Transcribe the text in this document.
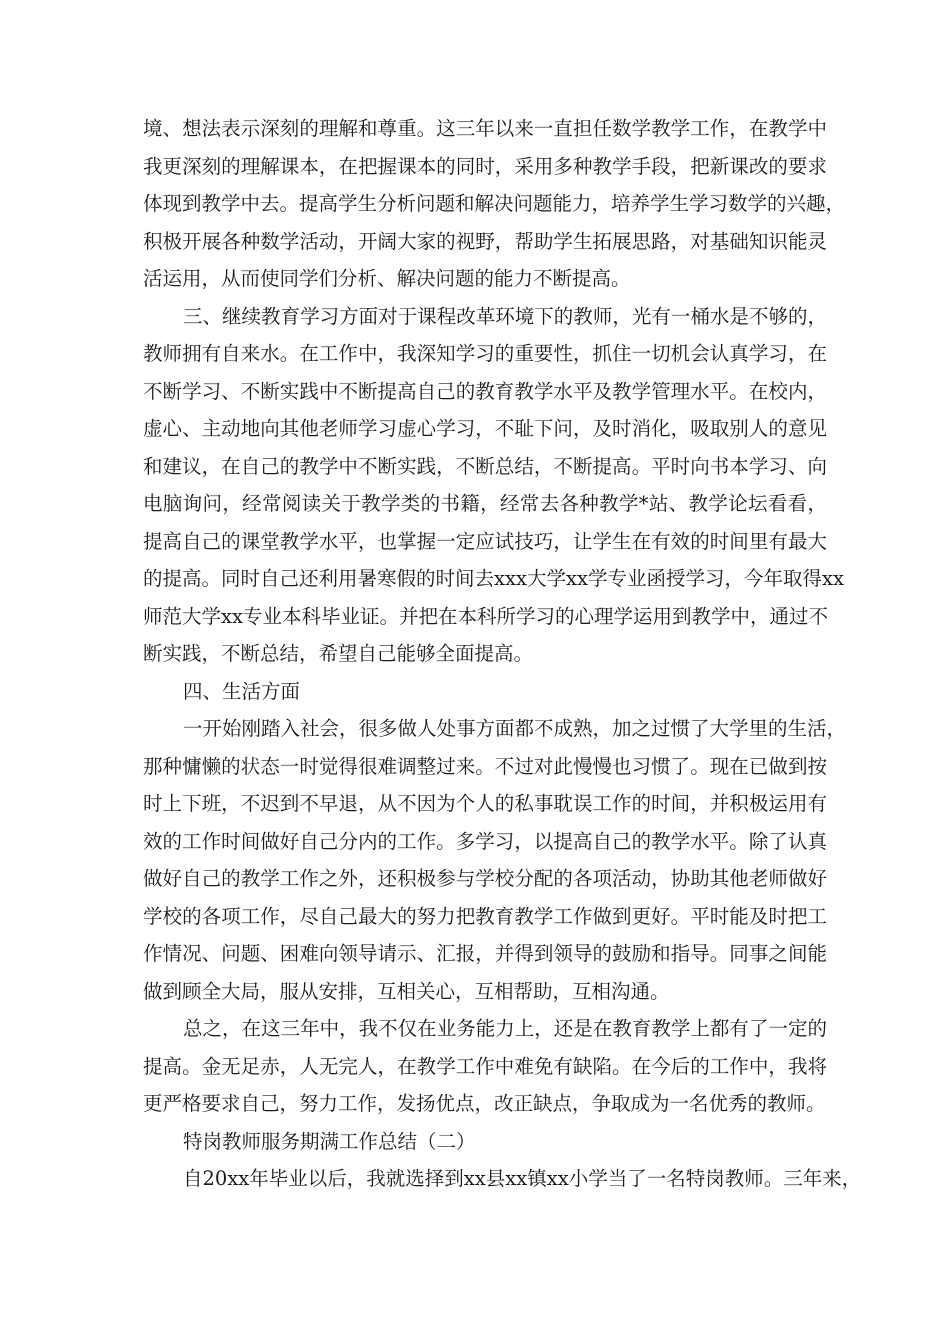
境、想法表示深刻的理解和尊重。这三年以来一直担任数学教学工作，在教学中
我更深刻的理解课本，在把握课本的同时，采用多种教学手段，把新课改的要求
体现到教学中去。提高学生分析问题和解决问题能力，培养学生学习数学的兴趣，
积极开展各种数学活动，开阔大家的视野，帮助学生拓展思路，对基础知识能灵
活运用，从而使同学们分析、解决问题的能力不断提高。
三、继续教育学习方面对于课程改革环境下的教师，光有一桶水是不够的，
教师拥有自来水。在工作中，我深知学习的重要性，抓住一切机会认真学习，在
不断学习、不断实践中不断提高自己的教育教学水平及教学管理水平。在校内，
虚心、主动地向其他老师学习虚心学习，不耻下问，及时消化，吸取别人的意见
和建议，在自己的教学中不断实践，不断总结，不断提高。平时向书本学习、向
电脑询问，经常阅读关于教学类的书籍，经常去各种教学*站、教学论坛看看，
提高自己的课堂教学水平，也掌握一定应试技巧，让学生在有效的时间里有最大
的提高。同时自己还利用暑寒假的时间去xxx大学xx学专业函授学习，今年取得xx
师范大学xx专业本科毕业证。并把在本科所学习的心理学运用到教学中，通过不
断实践，不断总结，希望自己能够全面提高。
四、生活方面
一开始刚踏入社会，很多做人处事方面都不成熟，加之过惯了大学里的生活，
那种慵懒的状态一时觉得很难调整过来。不过对此慢慢也习惯了。现在已做到按
时上下班，不迟到不早退，从不因为个人的私事耽误工作的时间，并积极运用有
效的工作时间做好自己分内的工作。多学习，以提高自己的教学水平。除了认真
做好自己的教学工作之外，还积极参与学校分配的各项活动，协助其他老师做好
学校的各项工作，尽自己最大的努力把教育教学工作做到更好。平时能及时把工
作情况、问题、困难向领导请示、汇报，并得到领导的鼓励和指导。同事之间能
做到顾全大局，服从安排，互相关心，互相帮助，互相沟通。
总之，在这三年中，我不仅在业务能力上，还是在教育教学上都有了一定的
提高。金无足赤，人无完人，在教学工作中难免有缺陷。在今后的工作中，我将
更严格要求自己，努力工作，发扬优点，改正缺点，争取成为一名优秀的教师。
特岗教师服务期满工作总结（二）
自20xx年毕业以后，我就选择到xx县xx镇xx小学当了一名特岗教师。三年来，
